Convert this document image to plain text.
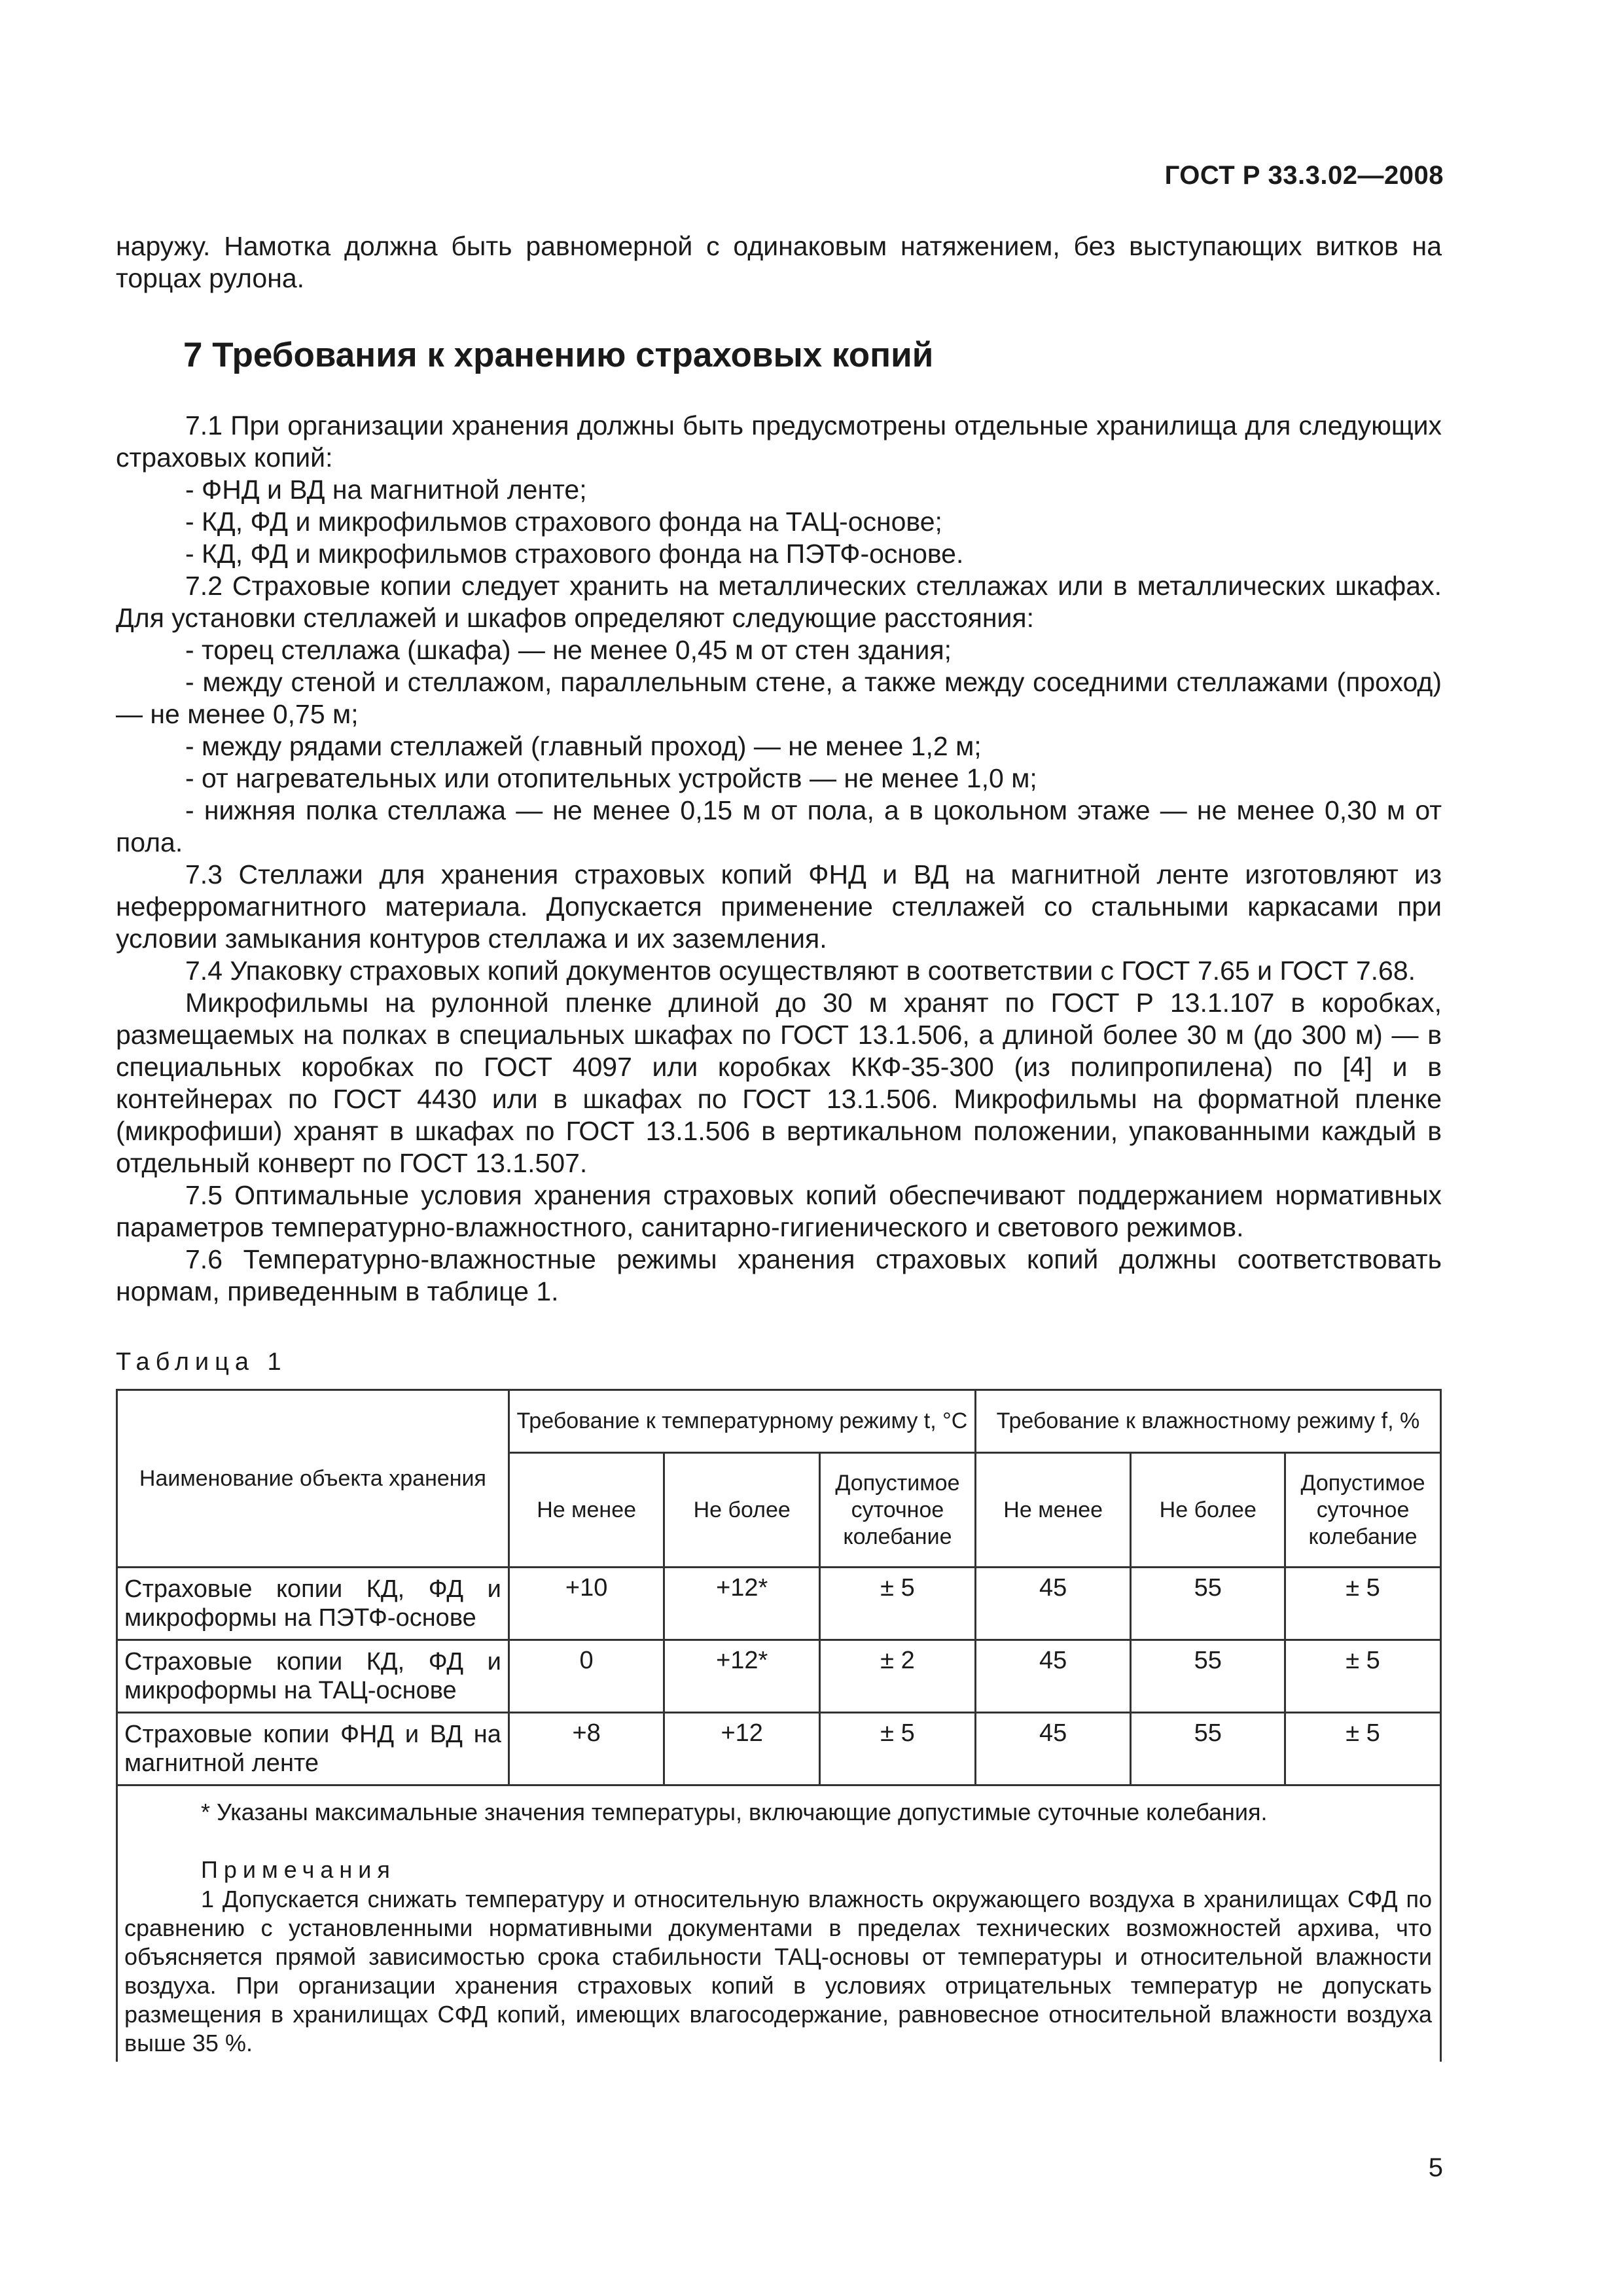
ГОСТ Р 33.3.02—2008

наружу. Намотка должна быть равномерной с одинаковым натяжением, без выступающих витков на торцах рулона.

7 Требования к хранению страховых копий

7.1 При организации хранения должны быть предусмотрены отдельные хранилища для следующих страховых копий:

- ФНД и ВД на магнитной ленте;

- КД, ФД и микрофильмов страхового фонда на ТАЦ-основе;

- КД, ФД и микрофильмов страхового фонда на ПЭТФ-основе.

7.2 Страховые копии следует хранить на металлических стеллажах или в металлических шкафах. Для установки стеллажей и шкафов определяют следующие расстояния:

- торец стеллажа (шкафа) — не менее 0,45 м от стен здания;

- между стеной и стеллажом, параллельным стене, а также между соседними стеллажами (проход) — не менее 0,75 м;

- между рядами стеллажей (главный проход) — не менее 1,2 м;

- от нагревательных или отопительных устройств — не менее 1,0 м;

- нижняя полка стеллажа — не менее 0,15 м от пола, а в цокольном этаже — не менее 0,30 м от пола.

7.3 Стеллажи для хранения страховых копий ФНД и ВД на магнитной ленте изготовляют из неферромагнитного материала. Допускается применение стеллажей со стальными каркасами при условии замыкания контуров стеллажа и их заземления.

7.4 Упаковку страховых копий документов осуществляют в соответствии с ГОСТ 7.65 и ГОСТ 7.68.

Микрофильмы на рулонной пленке длиной до 30 м хранят по ГОСТ Р 13.1.107 в коробках, размещаемых на полках в специальных шкафах по ГОСТ 13.1.506, а длиной более 30 м (до 300 м) — в специальных коробках по ГОСТ 4097 или коробках ККФ-35-300 (из полипропилена) по [4] и в контейнерах по ГОСТ 4430 или в шкафах по ГОСТ 13.1.506. Микрофильмы на форматной пленке (микрофиши) хранят в шкафах по ГОСТ 13.1.506 в вертикальном положении, упакованными каждый в отдельный конверт по ГОСТ 13.1.507.

7.5 Оптимальные условия хранения страховых копий обеспечивают поддержанием нормативных параметров температурно-влажностного, санитарно-гигиенического и светового режимов.

7.6 Температурно-влажностные режимы хранения страховых копий должны соответствовать нормам, приведенным в таблице 1.

Таблица 1
Наименование объекта хранения	Требование к температурному режиму t, °С			Требование к влажностному режиму f, %		
	Не менее	Не более	Допустимое суточное колебание	Не менее	Не более	Допустимое суточное колебание
Страховые копии КД, ФД и микроформы на ПЭТФ-основе	+10	+12*	± 5	45	55	± 5
Страховые копии КД, ФД и микроформы на ТАЦ-основе	0	+12*	± 2	45	55	± 5
Страховые копии ФНД и ВД на магнитной ленте	+8	+12	± 5	45	55	± 5
* Указаны максимальные значения температуры, включающие допустимые суточные колебания.
Примечания
1 Допускается снижать температуру и относительную влажность окружающего воздуха в хранилищах СФД по сравнению с установленными нормативными документами в пределах технических возможностей архива, что объясняется прямой зависимостью срока стабильности ТАЦ-основы от температуры и относительной влажности воздуха. При организации хранения страховых копий в условиях отрицательных температур не допускать размещения в хранилищах СФД копий, имеющих влагосодержание, равновесное относительной влажности воздуха выше 35 %.
5
